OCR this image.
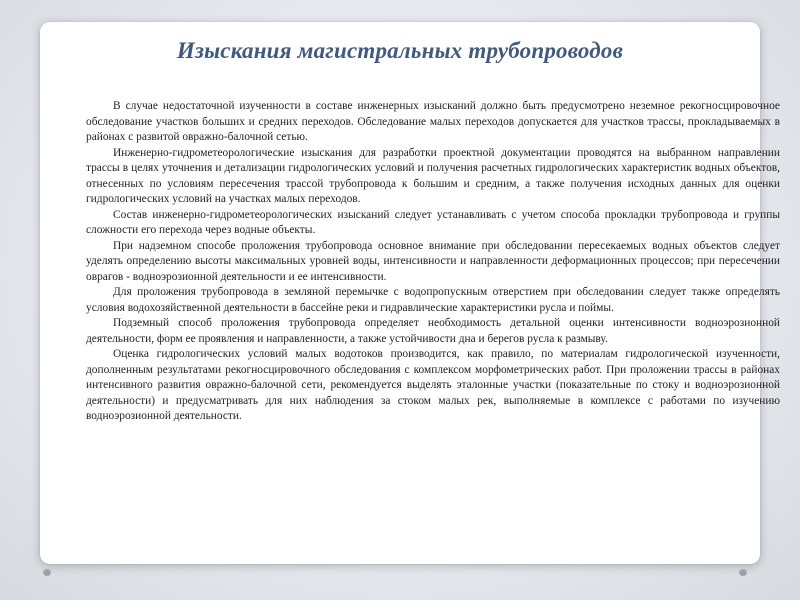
Изыскания магистральных трубопроводов

В случае недостаточной изученности в составе инженерных изысканий должно быть предусмотрено неземное рекогносцировочное обследование участков больших и средних переходов. Обследование малых переходов допускается для участков трассы, прокладываемых в районах с развитой овражно-балочной сетью.

Инженерно-гидрометеорологические изыскания для разработки проектной документации проводятся на выбранном направлении трассы в целях уточнения и детализации гидрологических условий и получения расчетных гидрологических характеристик водных объектов, отнесенных по условиям пересечения трассой трубопровода к большим и средним, а также получения исходных данных для оценки гидрологических условий на участках малых переходов.

Состав инженерно-гидрометеорологических изысканий следует устанавливать с учетом способа прокладки трубопровода и группы сложности его перехода через водные объекты.

При надземном способе проложения трубопровода основное внимание при обследовании пересекаемых водных объектов следует уделять определению высоты максимальных уровней воды, интенсивности и направленности деформационных процессов; при пересечении оврагов - водноэрозионной деятельности и ее интенсивности.

Для проложения трубопровода в земляной перемычке с водопропускным отверстием при обследовании следует также определять условия водохозяйственной деятельности в бассейне реки и гидравлические характеристики русла и поймы.

Подземный способ проложения трубопровода определяет необходимость детальной оценки интенсивности водноэрозионной деятельности, форм ее проявления и направленности, а также устойчивости дна и берегов русла к размыву.

Оценка гидрологических условий малых водотоков производится, как правило, по материалам гидрологической изученности, дополненным результатами рекогносцировочного обследования с комплексом морфометрических работ. При проложении трассы в районах интенсивного развития овражно-балочной сети, рекомендуется выделять эталонные участки (показательные по стоку и водноэрозионной деятельности) и предусматривать для них наблюдения за стоком малых рек, выполняемые в комплексе с работами по изучению водноэрозионной деятельности.
